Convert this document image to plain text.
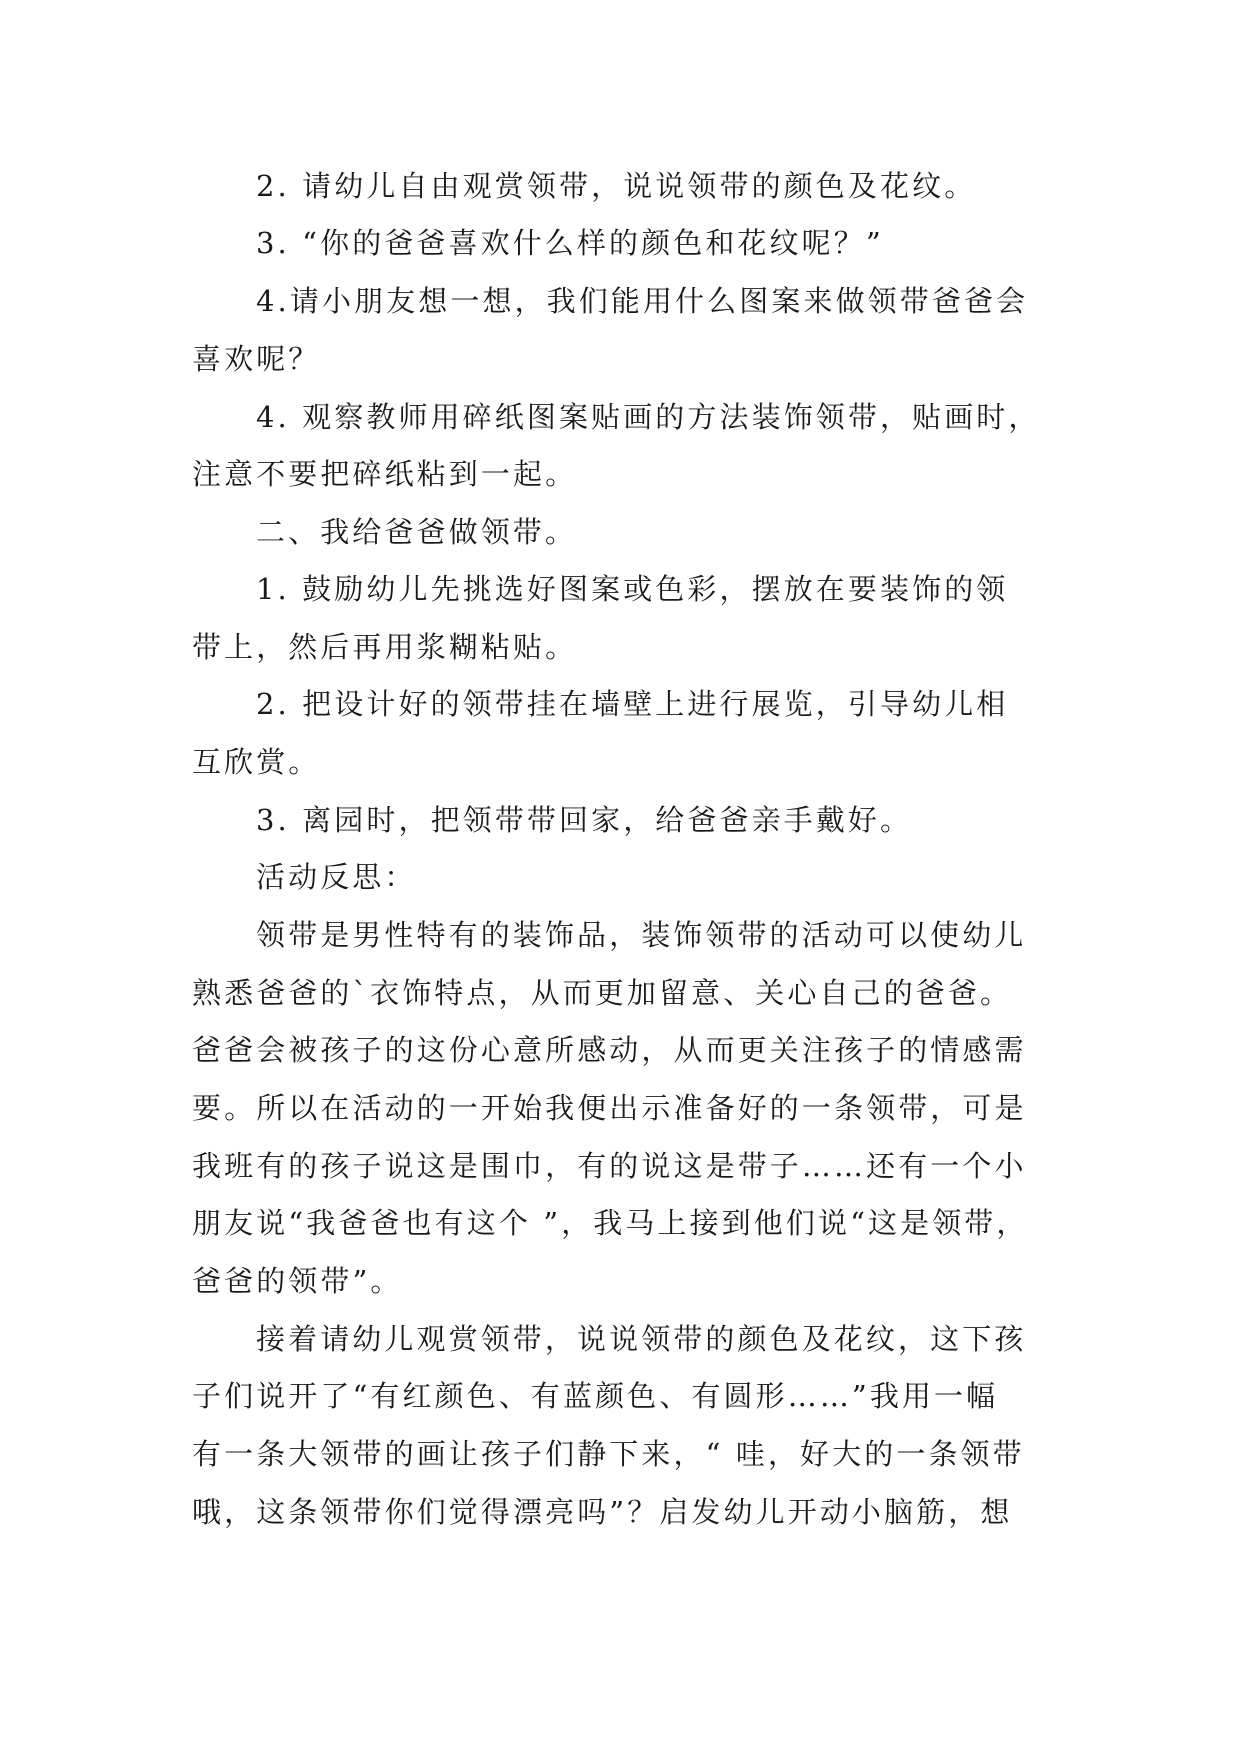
2. 请幼儿自由观赏领带，说说领带的颜色及花纹。
3. “你的爸爸喜欢什么样的颜色和花纹呢？”
4.请小朋友想一想，我们能用什么图案来做领带爸爸会
喜欢呢？
4. 观察教师用碎纸图案贴画的方法装饰领带，贴画时，
注意不要把碎纸粘到一起。
二、我给爸爸做领带。
1. 鼓励幼儿先挑选好图案或色彩，摆放在要装饰的领
带上，然后再用浆糊粘贴。
2. 把设计好的领带挂在墙壁上进行展览，引导幼儿相
互欣赏。
3. 离园时，把领带带回家，给爸爸亲手戴好。
活动反思：
领带是男性特有的装饰品，装饰领带的活动可以使幼儿
熟悉爸爸的`衣饰特点，从而更加留意、关心自己的爸爸。
爸爸会被孩子的这份心意所感动，从而更关注孩子的情感需
要。所以在活动的一开始我便出示准备好的一条领带，可是
我班有的孩子说这是围巾，有的说这是带子……还有一个小
朋友说“我爸爸也有这个 ”，我马上接到他们说“这是领带，
爸爸的领带”。
接着请幼儿观赏领带，说说领带的颜色及花纹，这下孩
子们说开了“有红颜色、有蓝颜色、有圆形……”我用一幅
有一条大领带的画让孩子们静下来，“ 哇，好大的一条领带
哦，这条领带你们觉得漂亮吗”？启发幼儿开动小脑筋，想
